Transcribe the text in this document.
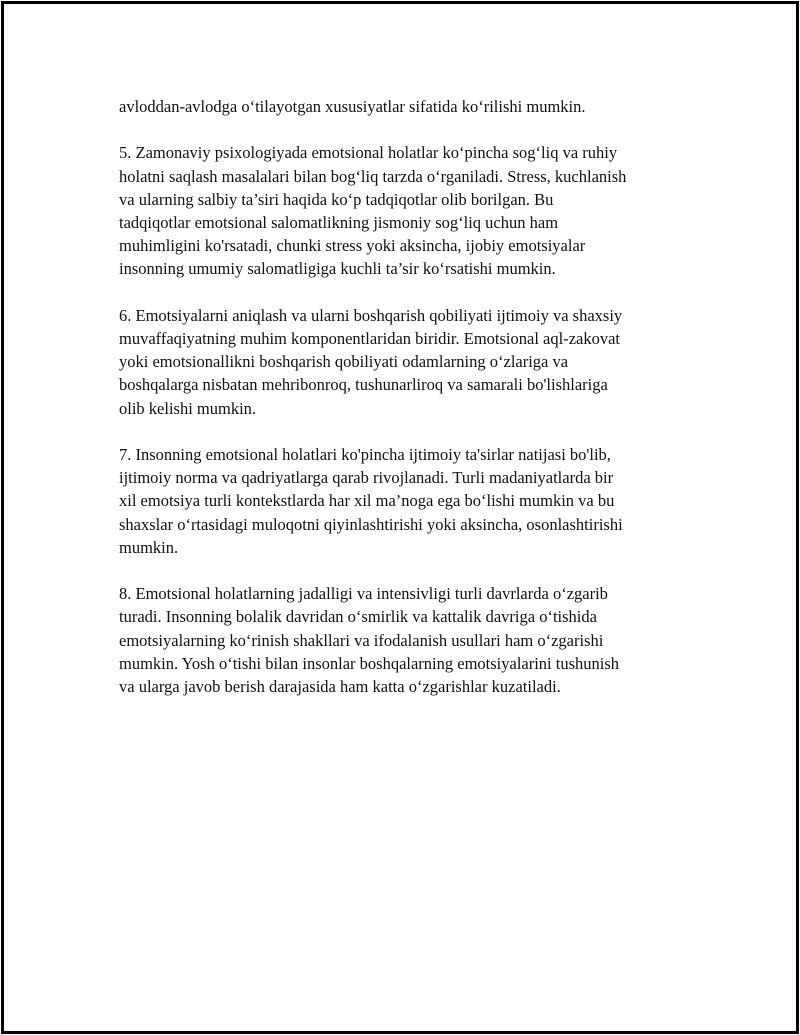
avloddan-avlodga o‘tilayotgan xususiyatlar sifatida ko‘rilishi mumkin.

5. Zamonaviy psixologiyada emotsional holatlar ko‘pincha sog‘liq va ruhiy
holatni saqlash masalalari bilan bog‘liq tarzda o‘rganiladi. Stress, kuchlanish
va ularning salbiy ta’siri haqida ko‘p tadqiqotlar olib borilgan. Bu
tadqiqotlar emotsional salomatlikning jismoniy sog‘liq uchun ham
muhimligini ko'rsatadi, chunki stress yoki aksincha, ijobiy emotsiyalar
insonning umumiy salomatligiga kuchli ta’sir ko‘rsatishi mumkin.

6. Emotsiyalarni aniqlash va ularni boshqarish qobiliyati ijtimoiy va shaxsiy
muvaffaqiyatning muhim komponentlaridan biridir. Emotsional aql-zakovat
yoki emotsionallikni boshqarish qobiliyati odamlarning o‘zlariga va
boshqalarga nisbatan mehribonroq, tushunarliroq va samarali bo'lishlariga
olib kelishi mumkin.

7. Insonning emotsional holatlari ko'pincha ijtimoiy ta'sirlar natijasi bo'lib,
ijtimoiy norma va qadriyatlarga qarab rivojlanadi. Turli madaniyatlarda bir
xil emotsiya turli kontekstlarda har xil ma’noga ega bo‘lishi mumkin va bu
shaxslar o‘rtasidagi muloqotni qiyinlashtirishi yoki aksincha, osonlashtirishi
mumkin.

8. Emotsional holatlarning jadalligi va intensivligi turli davrlarda o‘zgarib
turadi. Insonning bolalik davridan o‘smirlik va kattalik davriga o‘tishida
emotsiyalarning ko‘rinish shakllari va ifodalanish usullari ham o‘zgarishi
mumkin. Yosh o‘tishi bilan insonlar boshqalarning emotsiyalarini tushunish
va ularga javob berish darajasida ham katta o‘zgarishlar kuzatiladi.
